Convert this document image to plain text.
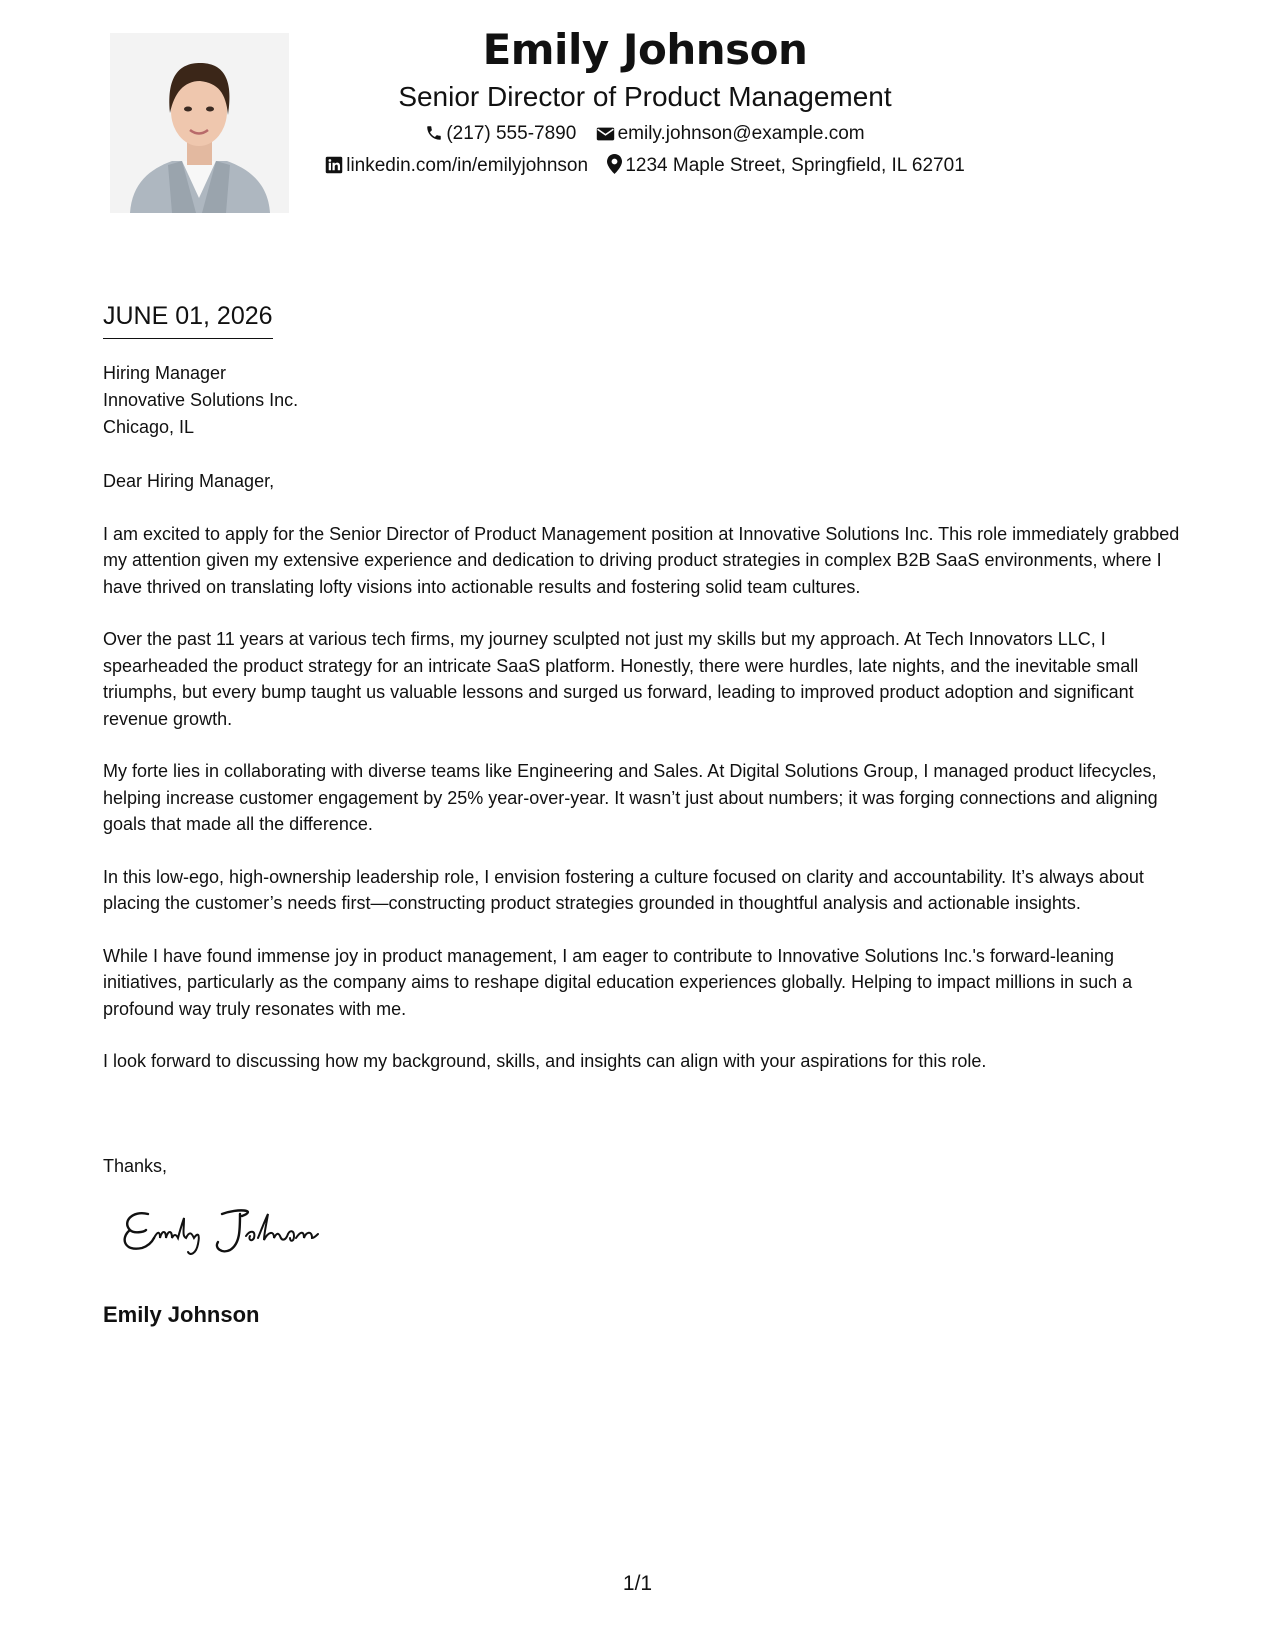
Emily Johnson
Senior Director of Product Management
(217) 555-7890 emily.johnson@example.com
linkedin.com/in/emilyjohnson 1234 Maple Street, Springfield, IL 62701
JUNE 01, 2026
Hiring Manager
Innovative Solutions Inc.
Chicago, IL

Dear Hiring Manager,

I am excited to apply for the Senior Director of Product Management position at Innovative Solutions Inc. This role immediately grabbed my attention given my extensive experience and dedication to driving product strategies in complex B2B SaaS environments, where I have thrived on translating lofty visions into actionable results and fostering solid team cultures.

Over the past 11 years at various tech firms, my journey sculpted not just my skills but my approach. At Tech Innovators LLC, I spearheaded the product strategy for an intricate SaaS platform. Honestly, there were hurdles, late nights, and the inevitable small triumphs, but every bump taught us valuable lessons and surged us forward, leading to improved product adoption and significant revenue growth.

My forte lies in collaborating with diverse teams like Engineering and Sales. At Digital Solutions Group, I managed product lifecycles, helping increase customer engagement by 25% year-over-year. It wasn’t just about numbers; it was forging connections and aligning goals that made all the difference.

In this low-ego, high-ownership leadership role, I envision fostering a culture focused on clarity and accountability. It’s always about placing the customer’s needs first—constructing product strategies grounded in thoughtful analysis and actionable insights.

While I have found immense joy in product management, I am eager to contribute to Innovative Solutions Inc.'s forward-leaning initiatives, particularly as the company aims to reshape digital education experiences globally. Helping to impact millions in such a profound way truly resonates with me.

I look forward to discussing how my background, skills, and insights can align with your aspirations for this role.

Thanks,
Emily Johnson
1/1
